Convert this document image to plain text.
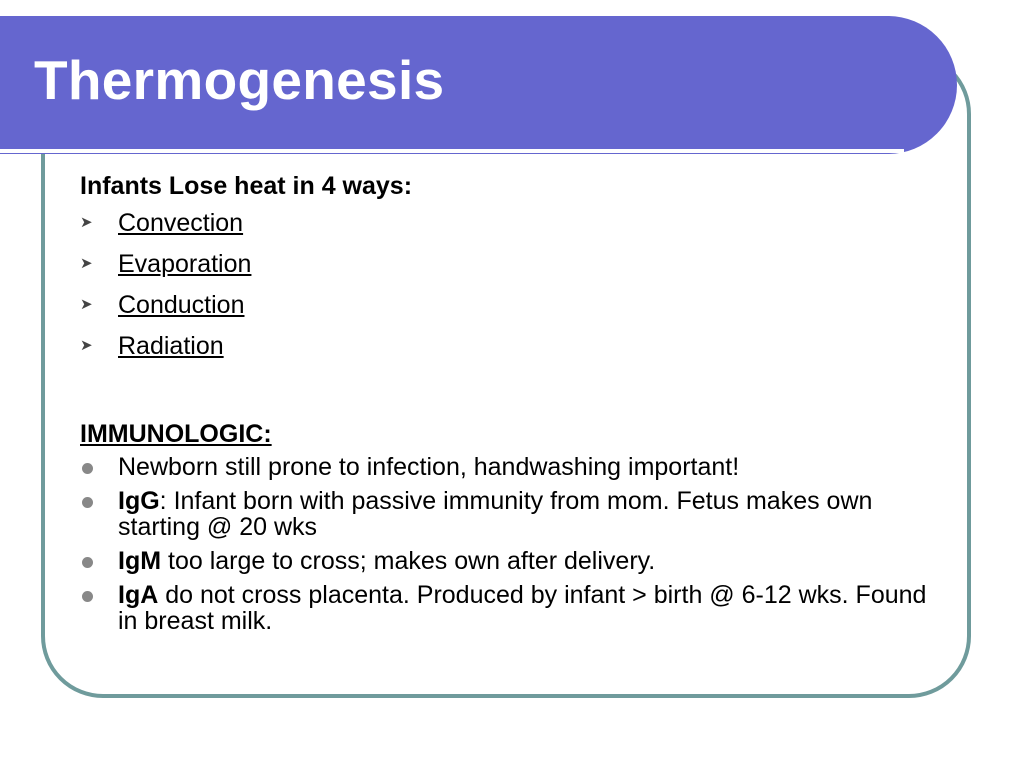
Thermogenesis
Infants Lose heat in 4 ways:
➤ Convection
➤ Evaporation
➤ Conduction
➤ Radiation
IMMUNOLOGIC:
Newborn still prone to infection, handwashing important!
IgG: Infant born with passive immunity from mom. Fetus makes own starting @ 20 wks
IgM too large to cross; makes own after delivery.
IgA do not cross placenta. Produced by infant > birth @ 6-12 wks. Found in breast milk.
